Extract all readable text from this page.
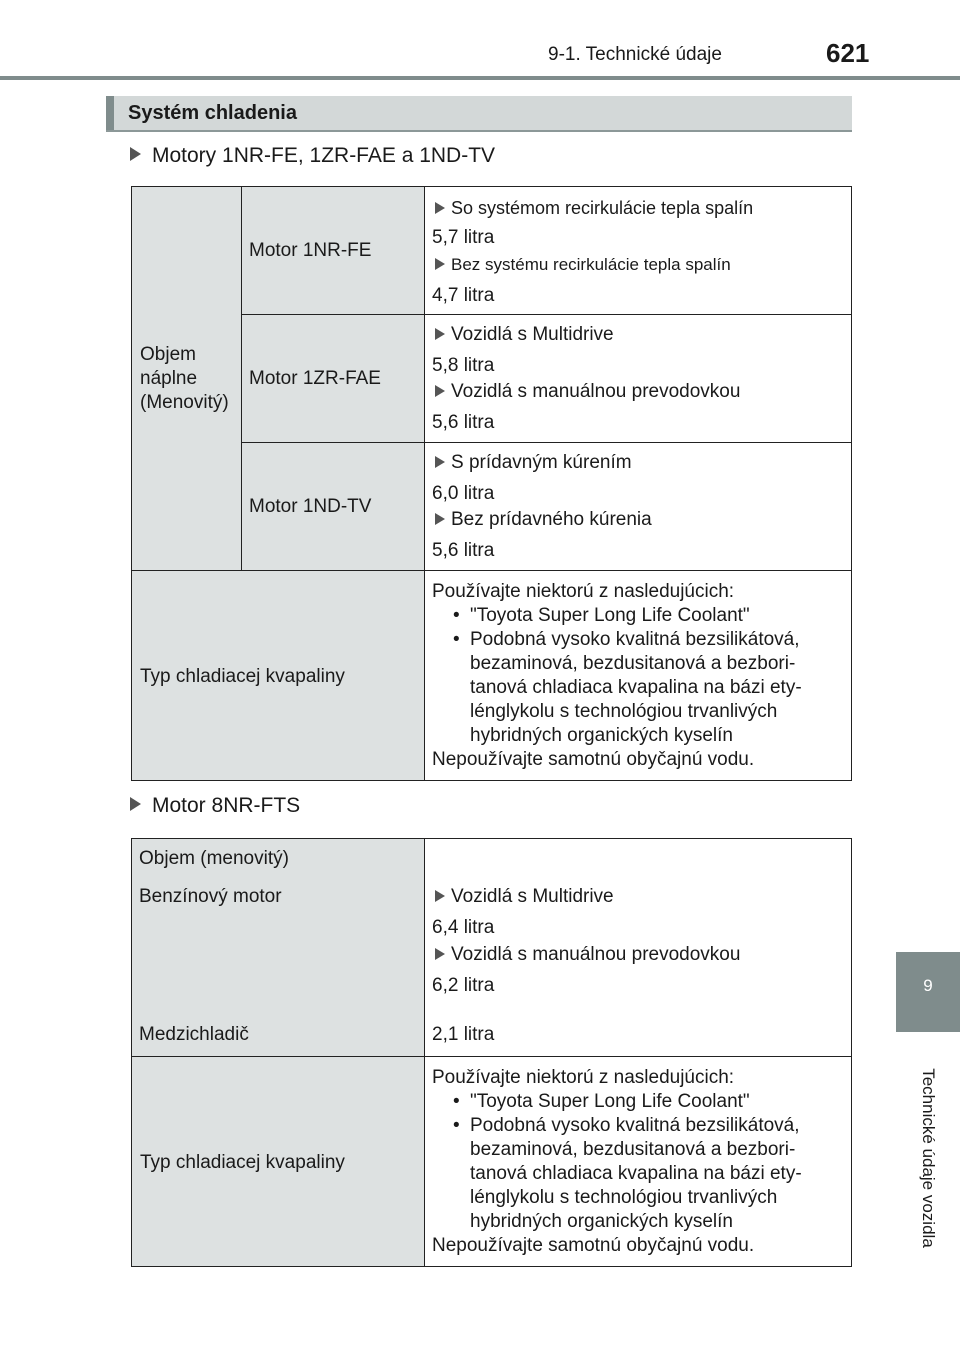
9-1. Technické údaje	621
9
Technické údaje vozidla
Systém chladenia
Motory 1NR-FE, 1ZR-FAE a 1ND-TV
Objem
náplne
(Menovitý)
Motor 1NR-FE
So systémom recirkulácie tepla spalín
5,7 litra
Bez systému recirkulácie tepla spalín
4,7 litra
Motor 1ZR-FAE
Vozidlá s Multidrive
5,8 litra
Vozidlá s manuálnou prevodovkou
5,6 litra
Motor 1ND-TV
S prídavným kúrením
6,0 litra
Bez prídavného kúrenia
5,6 litra
Typ chladiacej kvapaliny
Používajte niektorú z nasledujúcich:
• "Toyota Super Long Life Coolant"
• Podobná vysoko kvalitná bezsilikátová,
bezaminová, bezdusitanová a bezbori-
tanová chladiaca kvapalina na bázi ety-
lénglykolu s technológiou trvanlivých
hybridných organických kyselín
Nepoužívajte samotnú obyčajnú vodu.
Motor 8NR-FTS
Objem (menovitý)
Benzínový motor
Medzichladič
Vozidlá s Multidrive
6,4 litra
Vozidlá s manuálnou prevodovkou
6,2 litra
2,1 litra
Typ chladiacej kvapaliny
Používajte niektorú z nasledujúcich:
• "Toyota Super Long Life Coolant"
• Podobná vysoko kvalitná bezsilikátová,
bezaminová, bezdusitanová a bezbori-
tanová chladiaca kvapalina na bázi ety-
lénglykolu s technológiou trvanlivých
hybridných organických kyselín
Nepoužívajte samotnú obyčajnú vodu.
